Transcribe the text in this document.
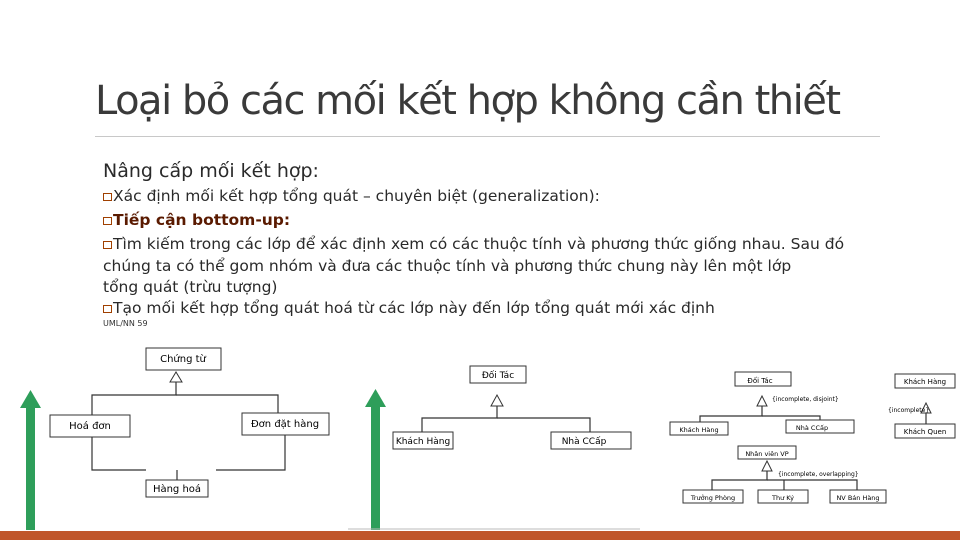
Loại bỏ các mối kết hợp không cần thiết
Nâng cấp mối kết hợp:
Xác định mối kết hợp tổng quát – chuyên biệt (generalization):
Tiếp cận bottom-up:
Tìm kiếm trong các lớp để xác định xem có các thuộc tính và phương thức giống nhau. Sau đó
chúng ta có thể gom nhóm và đưa các thuộc tính và phương thức chung này lên một lớp
tổng quát (trừu tượng)
Tạo mối kết hợp tổng quát hoá từ các lớp này đến lớp tổng quát mới xác định
UML/NN 59
Chứng từ
Hoá đơn	Đơn đặt hàng
Hàng hoá
Đối Tác
Khách Hàng	Nhà CCấp
Đối Tác
{incomplete, disjoint}
Khách Hàng	Nhà CCấp
Nhân viên VP
{incomplete, overlapping}
Trưởng Phòng	Thư Ký	NV Bán Hàng
Khách Hàng
{incomplete}
Khách Quen
